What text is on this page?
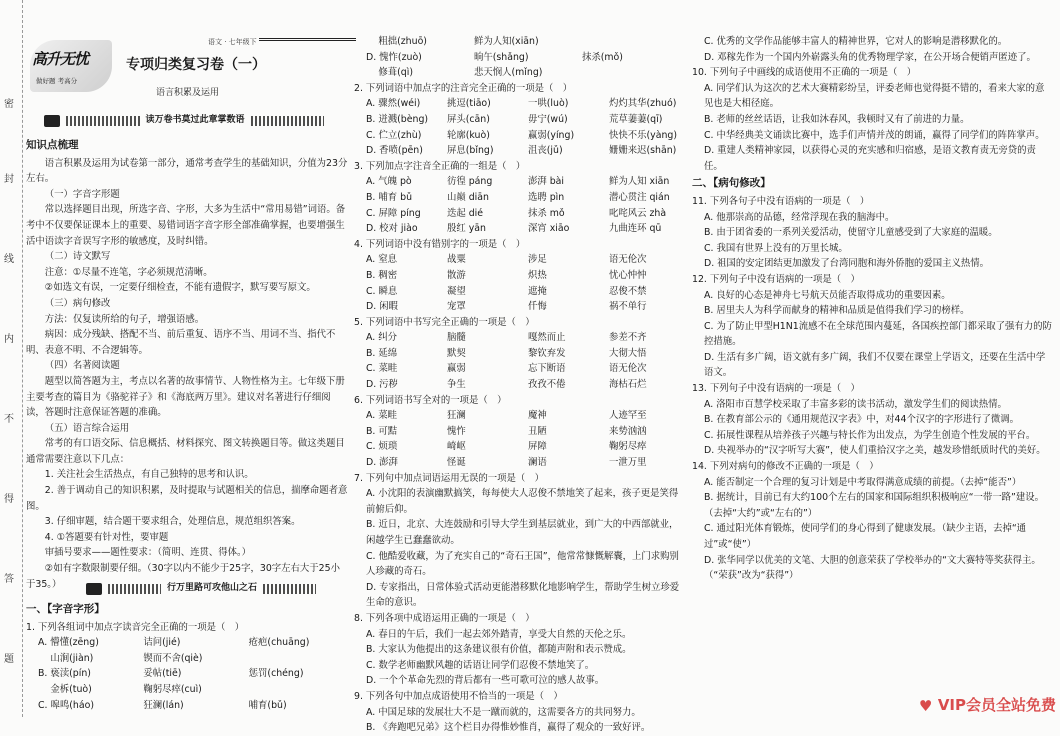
密
封
线
内
不
得
答
题
语文 · 七年级下
高升无忧
做好题 考高分
专项归类复习卷（一）
语言积累及运用
读万卷书莫过此章掌数语
知识点梳理

语言积累及运用为试卷第一部分，通常考查学生的基础知识，分值为23分左右。

（一）字音字形题

常以选择题目出现，所选字音、字形，大多为生活中“常用易错”词语。备考中不仅要保证课本上的重要、易错词语字音字形全部准确掌握，也要增强生活中语读字音误写字形的敏感度，及时纠错。

（二）诗文默写

注意：①尽量不连笔，字必须规范清晰。

②如选文有误，一定要仔细检查，不能有遗假字，默写要写原文。

（三）病句修改

方法：仅复读所给的句子，增强语感。

病因：成分残缺、搭配不当、前后重复、语序不当、用词不当、指代不明、表意不明、不合逻辑等。

（四）名著阅读题

题型以简答题为主，考点以名著的故事情节、人物性格为主。七年级下册主要考查的篇目为《骆驼祥子》和《海底两万里》。建议对名著进行仔细阅读，答题时注意保证答题的准确。

（五）语言综合运用

常考的有口语交际、信息概括、材料探究、图文转换题目等。做这类题目通常需要注意以下几点：

1. 关注社会生活热点，有自己独特的思考和认识。

2. 善于调动自己的知识积累，及时提取与试题相关的信息，揣摩命题者意图。

3. 仔细审题，结合题干要求组合，处理信息，规范组织答案。

4. ①答题要有针对性，要审题

审插号要求——题性要求：（简明、连贯、得体。）

②如有字数限制要仔细。（30字以内不能少于25字，30字左右大于25小于35。）	行万里路可攻他山之石
一、【字音字形】

1. 下列各组词中加点字读音完全正确的一项是（　）

A. 懵懂(zēng)	诘问(jié)	疮疤(chuāng)
　 山涧(jiàn)	锲而不舍(qiè)
B. 亵渎(pín)	妥帖(tiē)	惩罚(chéng)
　 金柝(tuò)	鞠躬尽瘁(cuì)
C. 嗥鸣(háo)	狂澜(lán)	哺育(bǔ)
　 粗拙(zhuō)	鲜为人知(xiān)
D. 愧怍(zuò)	晌午(shǎng)	抹杀(mǒ)
　 修葺(qì)	悲天悯人(mǐng)

2. 下列词语中加点字的注音完全正确的一项是（　）

A. 骤然(wéi)	挑逗(tiāo)	一哄(luò)	灼灼其华(zhuó)
B. 迸溅(bèng)	屏头(cān)	毋宁(wú)	荒草萋萋(qī)
C. 伫立(zhù)	轮廓(kuò)	赢弱(yíng)	快快不乐(yàng)
D. 香喷(pēn)	屏息(bǐng)	沮丧(jǔ)	姗姗来迟(shān)

3. 下列加点字注音全正确的一组是（　）

A. 气魄 pò	彷徨 páng	澎湃 bài	鲜为人知 xiān
B. 哺育 bǔ	山巅 diān	选聘 pìn	潜心贯注 qián
C. 屏障 píng	迭起 dié	抹杀 mǒ	叱咤风云 zhà
D. 校对 jiào	殷红 yān	深宵 xiāo	九曲连环 qū

4. 下列词语中没有错别字的一项是（　）

A. 窒息	战粟	涉足	语无伦次
B. 稠密	散游	炽热	忧心忡忡
C. 瞬息	凝望	遮掩	忍俊不禁
D. 闲暇	宠罩	仟悔	祸不单行

5. 下列词语中书写完全正确的一项是（　）

A. 纠分	脑髓	嘎然而止	参差不齐
B. 延绵	默契	黎钦弃发	大彻大悟
C. 菜畦	赢弱	忘下断语	语无伦次
D. 污秽	争生	孜孜不倦	海枯石烂

6. 下列词语书写全对的一项是（　）

A. 菜畦	狂澜	魔神	人迹罕至
B. 可黠	愧怍	丑陋	来势汹汹
C. 烦琐	崎岖	屏障	鞠躬尽瘁
D. 澎湃	怪诞	澜语	一泄万里

7. 下列句中加点词语运用无误的一项是（　）

A. 小沈阳的表演幽默搞笑，每每使大人忍俊不禁地笑了起来，孩子更是笑得前俯后仰。

B. 近日，北京、大连鼓励和引导大学生到基层就业，到广大的中西部就业，闲越学生已蠢蠢欲动。

C. 他酷爱收藏，为了充实自己的“奇石王国”，他常常慷慨解囊，上门求购别人珍藏的奇石。

D. 专家指出，日常体验式活动更能潜移默化地影响学生，帮助学生树立珍爱生命的意识。

8. 下列各项中成语运用正确的一项是（　）

A. 春日的午后，我们一起去郊外踏青，享受大自然的天伦之乐。

B. 大家认为他提出的这条建议很有价值，都随声附和表示赞成。

C. 数学老师幽默风趣的话语让同学们忍俊不禁地笑了。

D. 一个个革命先烈的背后都有一些可歌可泣的感人故事。

9. 下列各句中加点成语使用不恰当的一项是（　）

A. 中国足球的发展壮大不是一蹴而就的，这需要各方的共同努力。

B. 《奔跑吧兄弟》这个栏目办得惟妙惟肖，赢得了观众的一致好评。

C. 优秀的文学作品能够丰富人的精神世界，它对人的影响是潜移默化的。

D. 邓稼先作为一个国内外崭露头角的优秀物理学家，在公开场合便销声匿迹了。

10. 下列句子中画线的成语使用不正确的一项是（　）

A. 同学们认为这次的艺术大赛精彩纷呈，评委老师也觉得挺不错的，看来大家的意见也是大相径庭。

B. 老师的丝丝话语，让我如沐春风，我顿时又有了前进的力量。

C. 中华经典美文诵读比赛中，选手们声情并茂的朗诵，赢得了同学们的阵阵掌声。

D. 重建人类精神家园，以获得心灵的充实感和归宿感，是语文教育责无旁贷的责任。

二、【病句修改】

11. 下列各句子中没有语病的一项是（　）

A. 他那崇高的品德，经常浮现在我的脑海中。

B. 由于团省委的一系列关爱活动，使留守儿童感受到了大家庭的温暖。

C. 我国有世界上没有的万里长城。

D. 祖国的安定团结更加激发了台湾同胞和海外侨胞的爱国主义热情。

12. 下列句子中没有语病的一项是（　）

A. 良好的心态是神舟七号航天员能否取得成功的重要因素。

B. 居里夫人为科学而献身的精神和品质是值得我们学习的榜样。

C. 为了防止甲型H1N1流感不在全球范围内蔓延，各国疾控部门都采取了强有力的防控措施。

D. 生活有多广阔，语文就有多广阔，我们不仅要在课堂上学语文，还要在生活中学语文。

13. 下列句子中没有语病的一项是（　）

A. 洛阳市百慧学校采取了丰富多彩的读书活动，激发学生们的阅读热情。

B. 在教育部公示的《通用规范汉字表》中，对44个汉字的字形进行了微调。

C. 拓展性课程从培养孩子兴趣与特长作为出发点，为学生创造个性发展的平台。

D. 央视举办的“汉字听写大赛”，使人们重拾汉字之美，越发珍惜纸质时代的美好。

14. 下列对病句的修改不正确的一项是（　）

A. 能否制定一个合理的复习计划是中考取得满意成绩的前提。（去掉“能否”）

B. 据统计，目前已有大约100个左右的国家和国际组织积极响应“一带一路”建设。（去掉“大约”或“左右的”）

C. 通过阳光体育锻炼，使同学们的身心得到了健康发展。（缺少主语，去掉“通过”或“使”）

D. 张华同学以优美的文笔、大胆的创意荣获了学校举办的“文大赛特等奖获得主。（“荣获”改为“获得”）

♥ VIP会员全站免费
